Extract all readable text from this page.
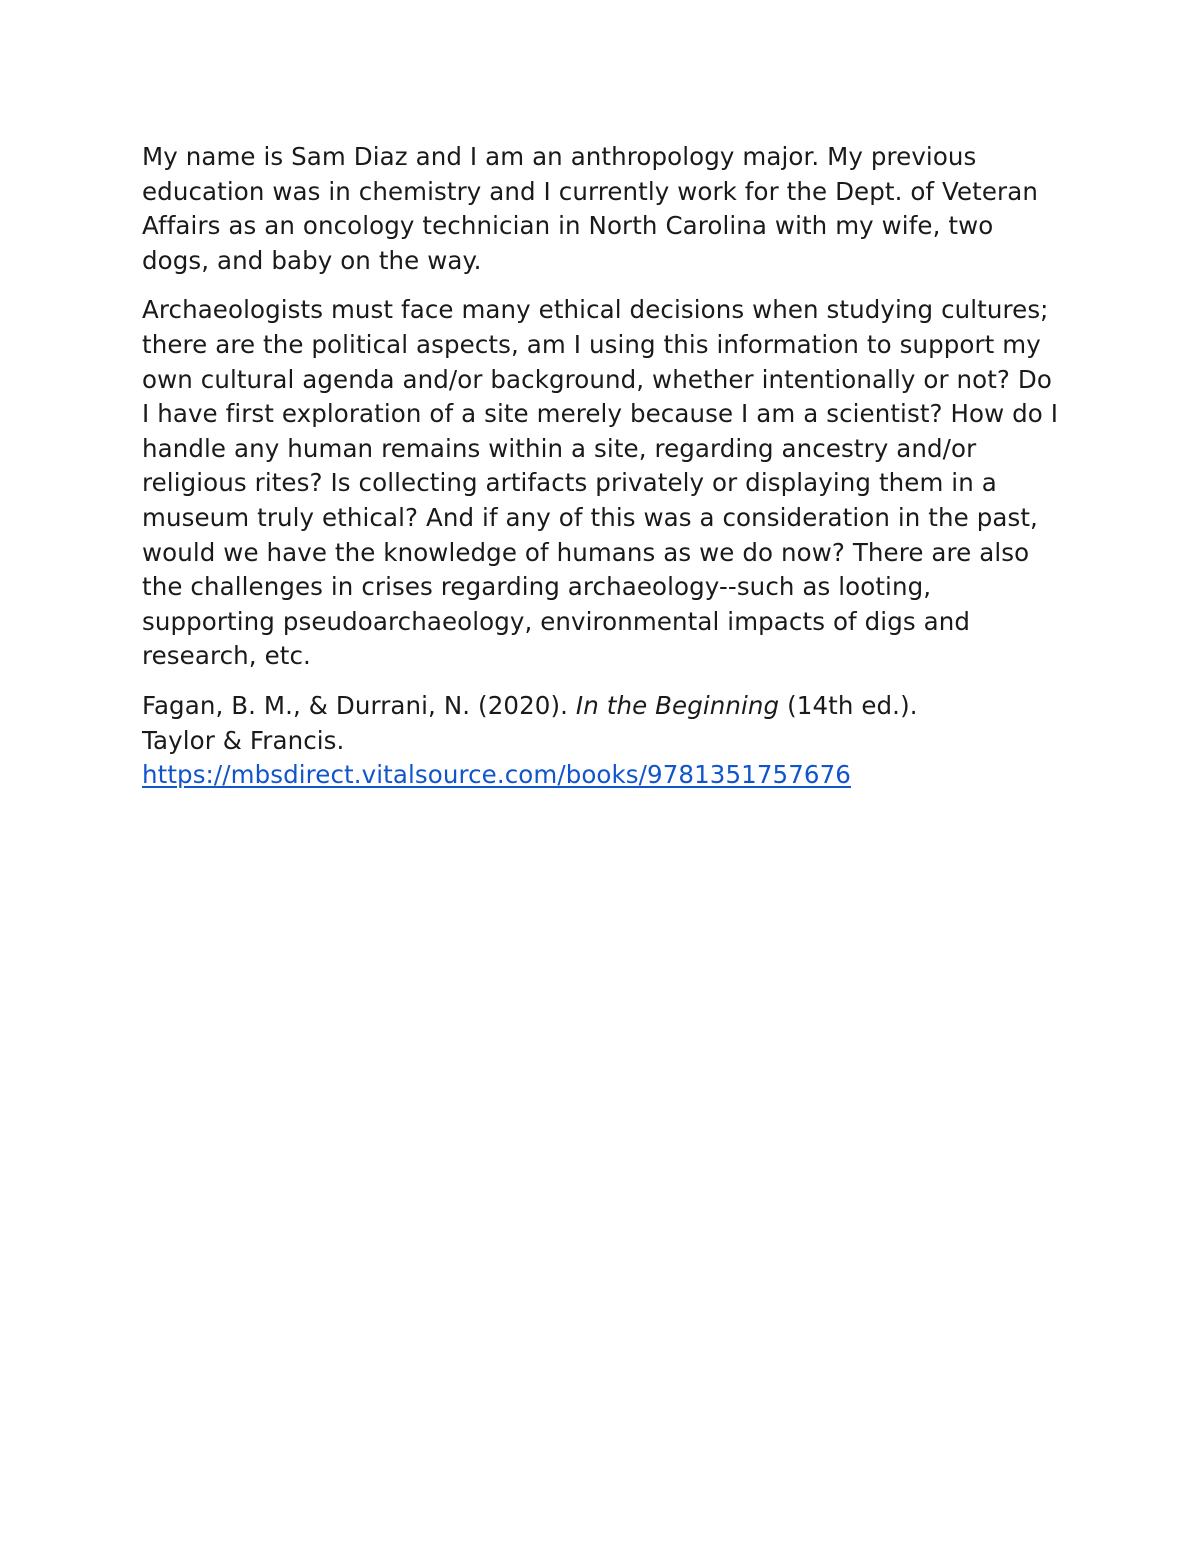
My name is Sam Diaz and I am an anthropology major. My previous education was in chemistry and I currently work for the Dept. of Veteran Affairs as an oncology technician in North Carolina with my wife, two dogs, and baby on the way.

Archaeologists must face many ethical decisions when studying cultures; there are the political aspects, am I using this information to support my own cultural agenda and/or background, whether intentionally or not? Do I have first exploration of a site merely because I am a scientist? How do I handle any human remains within a site, regarding ancestry and/or religious rites? Is collecting artifacts privately or displaying them in a museum truly ethical? And if any of this was a consideration in the past, would we have the knowledge of humans as we do now? There are also the challenges in crises regarding archaeology--such as looting, supporting pseudoarchaeology, environmental impacts of digs and research, etc.

Fagan, B. M., & Durrani, N. (2020). In the Beginning (14th ed.).
Taylor & Francis.
https://mbsdirect.vitalsource.com/books/9781351757676
